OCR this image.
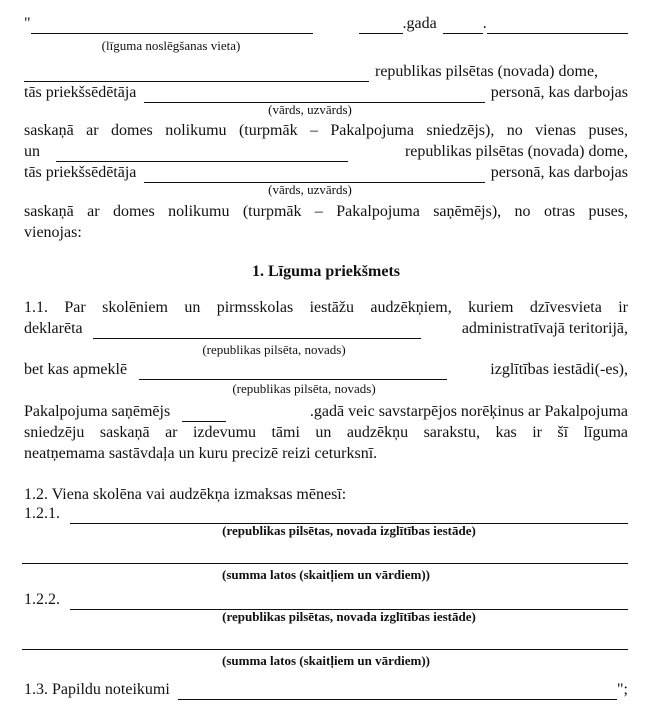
"	.gada	.
(līguma noslēgšanas vieta)
republikas pilsētas (novada) dome,
tās priekšsēdētāja	personā, kas darbojas
(vārds, uzvārds)
saskaņā ar domes nolikumu (turpmāk – Pakalpojuma sniedzējs), no vienas puses,
un	republikas pilsētas (novada) dome,
tās priekšsēdētāja	personā, kas darbojas
(vārds, uzvārds)
saskaņā ar domes nolikumu (turpmāk – Pakalpojuma saņēmējs), no otras puses,
vienojas:
1. Līguma priekšmets
1.1. Par skolēniem un pirmsskolas iestāžu audzēkņiem, kuriem dzīvesvieta ir
deklarēta	administratīvajā teritorijā,
(republikas pilsēta, novads)
bet kas apmeklē	izglītības iestādi(-es),
(republikas pilsēta, novads)
Pakalpojuma saņēmējs	.gadā veic savstarpējos norēķinus ar Pakalpojuma
sniedzēju saskaņā ar izdevumu tāmi un audzēkņu sarakstu, kas ir šī līguma
neatņemama sastāvdaļa un kuru precizē reizi ceturksnī.
1.2. Viena skolēna vai audzēkņa izmaksas mēnesī:
1.2.1.
(republikas pilsētas, novada izglītības iestāde)
(summa latos (skaitļiem un vārdiem))
1.2.2.
(republikas pilsētas, novada izglītības iestāde)
(summa latos (skaitļiem un vārdiem))
1.3. Papildu noteikumi	";
